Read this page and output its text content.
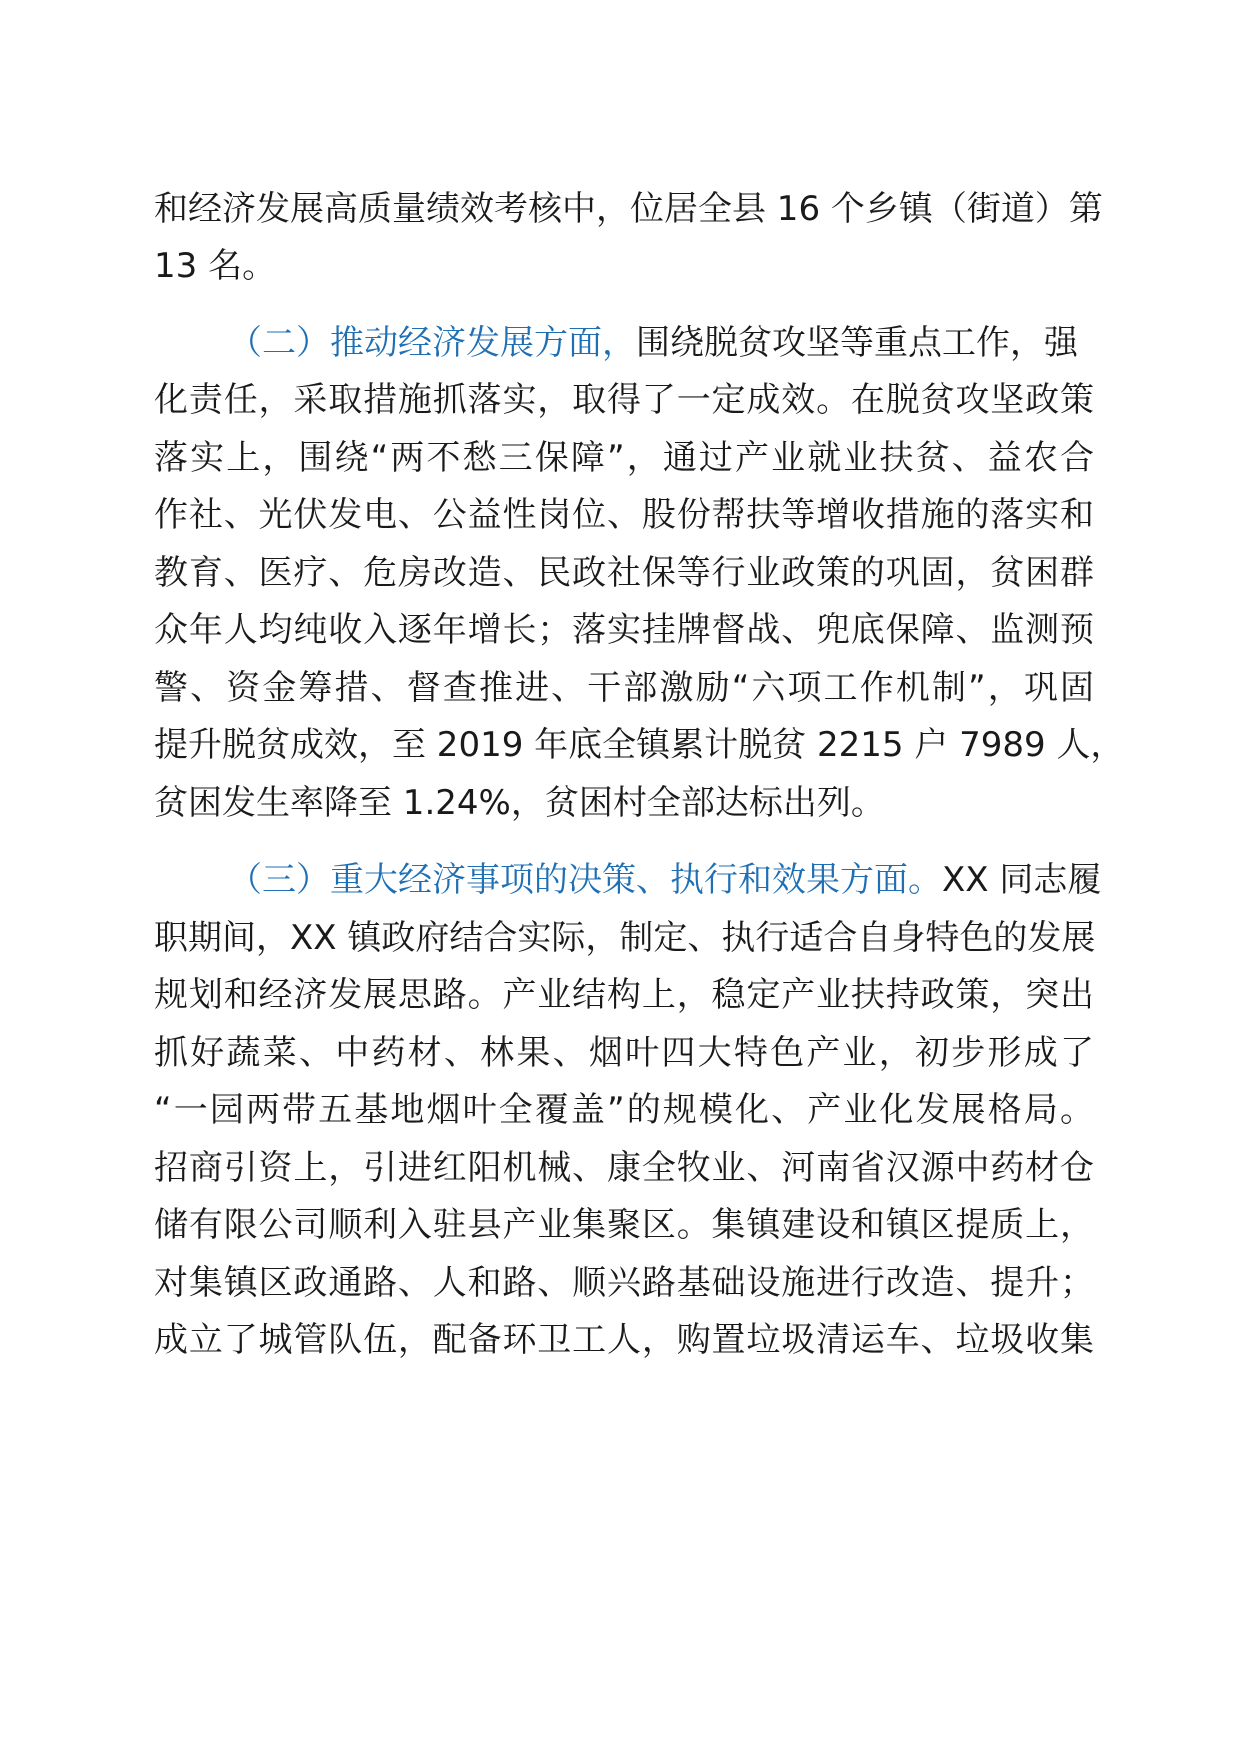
和经济发展高质量绩效考核中，位居全县 16 个乡镇（街道）第
13 名。
（二）推动经济发展方面，围绕脱贫攻坚等重点工作，强
化责任，采取措施抓落实，取得了一定成效。在脱贫攻坚政策
落实上，围绕“两不愁三保障”，通过产业就业扶贫、益农合
作社、光伏发电、公益性岗位、股份帮扶等增收措施的落实和
教育、医疗、危房改造、民政社保等行业政策的巩固，贫困群
众年人均纯收入逐年增长；落实挂牌督战、兜底保障、监测预
警、资金筹措、督查推进、干部激励“六项工作机制”，巩固
提升脱贫成效，至 2019 年底全镇累计脱贫 2215 户 7989 人，
贫困发生率降至 1.24%，贫困村全部达标出列。
（三）重大经济事项的决策、执行和效果方面。XX 同志履
职期间，XX 镇政府结合实际，制定、执行适合自身特色的发展
规划和经济发展思路。产业结构上，稳定产业扶持政策，突出
抓好蔬菜、中药材、林果、烟叶四大特色产业，初步形成了
“一园两带五基地烟叶全覆盖”的规模化、产业化发展格局。
招商引资上，引进红阳机械、康全牧业、河南省汉源中药材仓
储有限公司顺利入驻县产业集聚区。集镇建设和镇区提质上，
对集镇区政通路、人和路、顺兴路基础设施进行改造、提升；
成立了城管队伍，配备环卫工人，购置垃圾清运车、垃圾收集
